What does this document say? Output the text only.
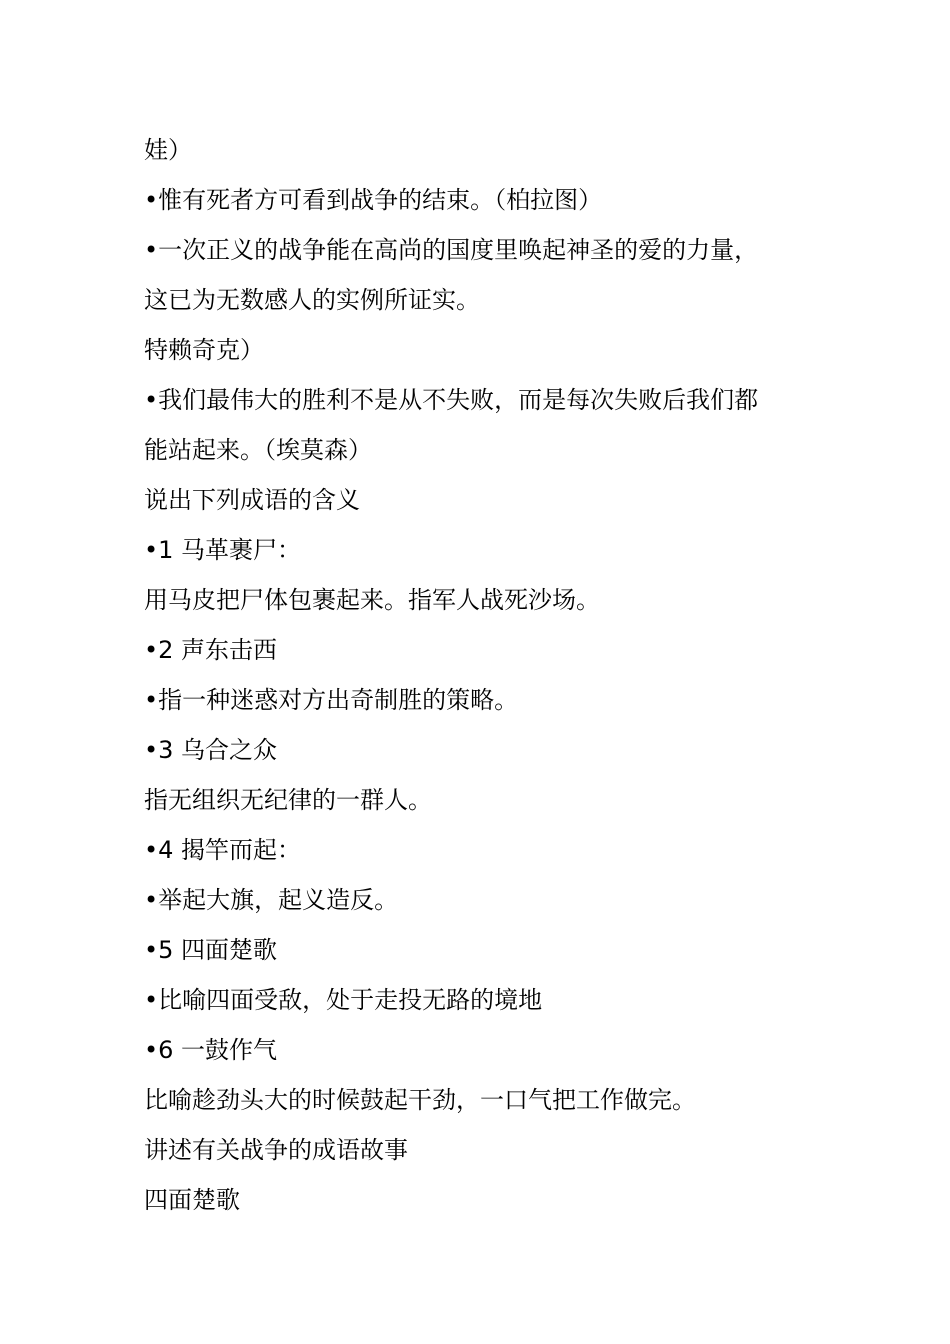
娃）
•惟有死者方可看到战争的结束。（柏拉图）
•一次正义的战争能在高尚的国度里唤起神圣的爱的力量，
这已为无数感人的实例所证实。
特赖奇克）
•我们最伟大的胜利不是从不失败，而是每次失败后我们都
能站起来。（埃莫森）
说出下列成语的含义
•1 马革裹尸：
用马皮把尸体包裹起来。指军人战死沙场。
•2 声东击西
•指一种迷惑对方出奇制胜的策略。
•3 乌合之众
指无组织无纪律的一群人。
•4 揭竿而起：
•举起大旗，起义造反。
•5 四面楚歌
•比喻四面受敌，处于走投无路的境地
•6 一鼓作气
比喻趁劲头大的时候鼓起干劲，一口气把工作做完。
讲述有关战争的成语故事
四面楚歌
